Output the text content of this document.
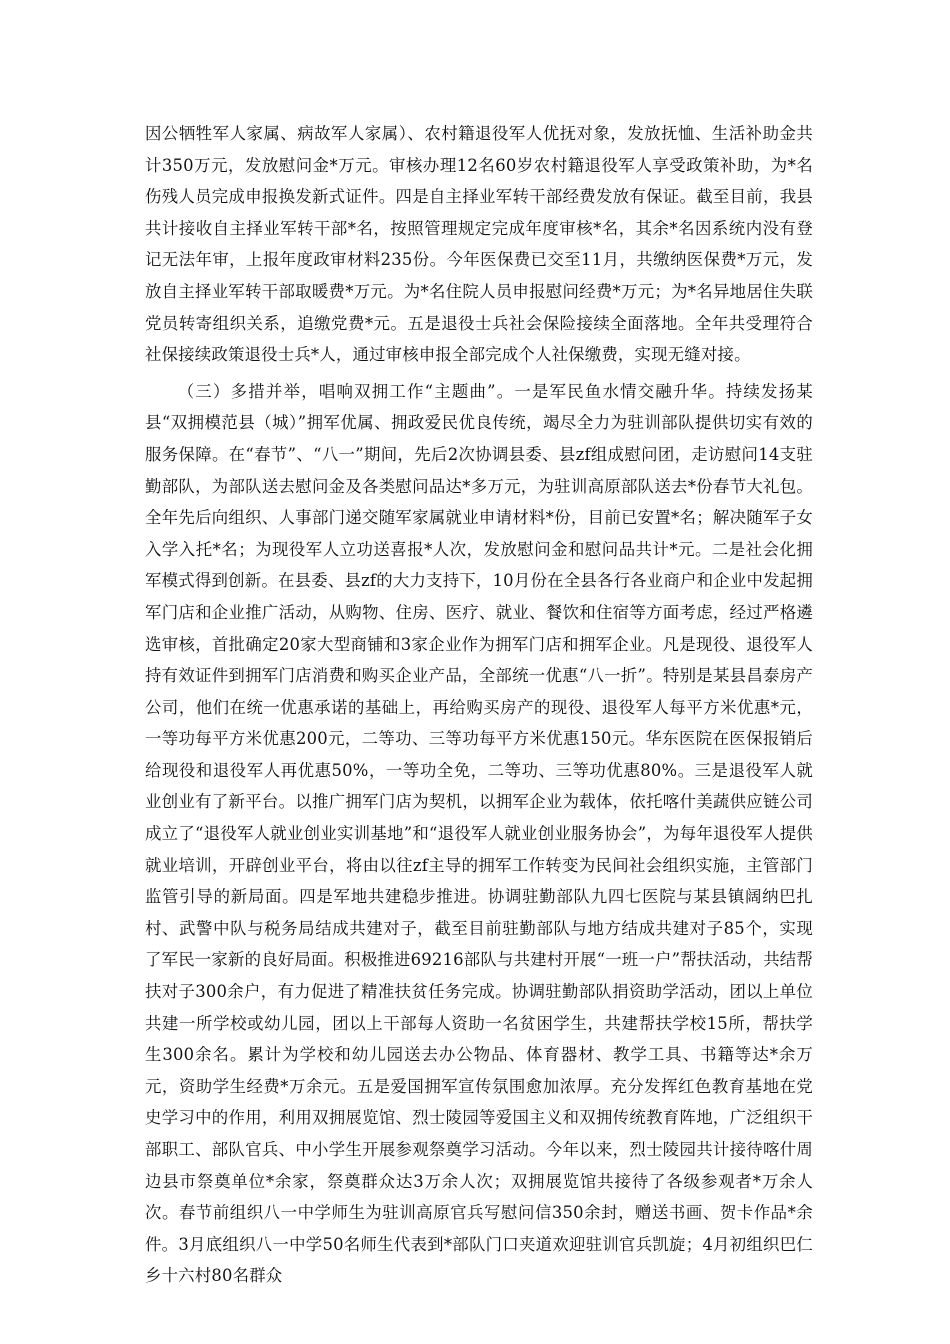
因公牺牲军人家属、病故军人家属）、农村籍退役军人优抚对象，发放抚恤、生活补助金共计350万元，发放慰问金*万元。审核办理12名60岁农村籍退役军人享受政策补助，为*名伤残人员完成申报换发新式证件。四是自主择业军转干部经费发放有保证。截至目前，我县共计接收自主择业军转干部*名，按照管理规定完成年度审核*名，其余*名因系统内没有登记无法年审，上报年度政审材料235份。今年医保费已交至11月，共缴纳医保费*万元，发放自主择业军转干部取暖费*万元。为*名住院人员申报慰问经费*万元；为*名异地居住失联党员转寄组织关系，追缴党费*元。五是退役士兵社会保险接续全面落地。全年共受理符合社保接续政策退役士兵*人，通过审核申报全部完成个人社保缴费，实现无缝对接。

（三）多措并举，唱响双拥工作“主题曲”。一是军民鱼水情交融升华。持续发扬某县“双拥模范县（城）”拥军优属、拥政爱民优良传统，竭尽全力为驻训部队提供切实有效的服务保障。在“春节”、“八一”期间，先后2次协调县委、县zf组成慰问团，走访慰问14支驻勤部队，为部队送去慰问金及各类慰问品达*多万元，为驻训高原部队送去*份春节大礼包。全年先后向组织、人事部门递交随军家属就业申请材料*份，目前已安置*名；解决随军子女入学入托*名；为现役军人立功送喜报*人次，发放慰问金和慰问品共计*元。二是社会化拥军模式得到创新。在县委、县zf的大力支持下，10月份在全县各行各业商户和企业中发起拥军门店和企业推广活动，从购物、住房、医疗、就业、餐饮和住宿等方面考虑，经过严格遴选审核，首批确定20家大型商铺和3家企业作为拥军门店和拥军企业。凡是现役、退役军人持有效证件到拥军门店消费和购买企业产品，全部统一优惠“八一折”。特别是某县昌泰房产公司，他们在统一优惠承诺的基础上，再给购买房产的现役、退役军人每平方米优惠*元，一等功每平方米优惠200元，二等功、三等功每平方米优惠150元。华东医院在医保报销后给现役和退役军人再优惠50%，一等功全免，二等功、三等功优惠80%。三是退役军人就业创业有了新平台。以推广拥军门店为契机，以拥军企业为载体，依托喀什美蔬供应链公司成立了“退役军人就业创业实训基地”和“退役军人就业创业服务协会”，为每年退役军人提供就业培训，开辟创业平台，将由以往zf主导的拥军工作转变为民间社会组织实施，主管部门监管引导的新局面。四是军地共建稳步推进。协调驻勤部队九四七医院与某县镇阔纳巴扎村、武警中队与税务局结成共建对子，截至目前驻勤部队与地方结成共建对子85个，实现了军民一家新的良好局面。积极推进69216部队与共建村开展“一班一户”帮扶活动，共结帮扶对子300余户，有力促进了精准扶贫任务完成。协调驻勤部队捐资助学活动，团以上单位共建一所学校或幼儿园，团以上干部每人资助一名贫困学生，共建帮扶学校15所，帮扶学生300余名。累计为学校和幼儿园送去办公物品、体育器材、教学工具、书籍等达*余万元，资助学生经费*万余元。五是爱国拥军宣传氛围愈加浓厚。充分发挥红色教育基地在党史学习中的作用，利用双拥展览馆、烈士陵园等爱国主义和双拥传统教育阵地，广泛组织干部职工、部队官兵、中小学生开展参观祭奠学习活动。今年以来，烈士陵园共计接待喀什周边县市祭奠单位*余家，祭奠群众达3万余人次；双拥展览馆共接待了各级参观者*万余人次。春节前组织八一中学师生为驻训高原官兵写慰问信350余封，赠送书画、贺卡作品*余件。3月底组织八一中学50名师生代表到*部队门口夹道欢迎驻训官兵凯旋；4月初组织巴仁乡十六村80名群众
